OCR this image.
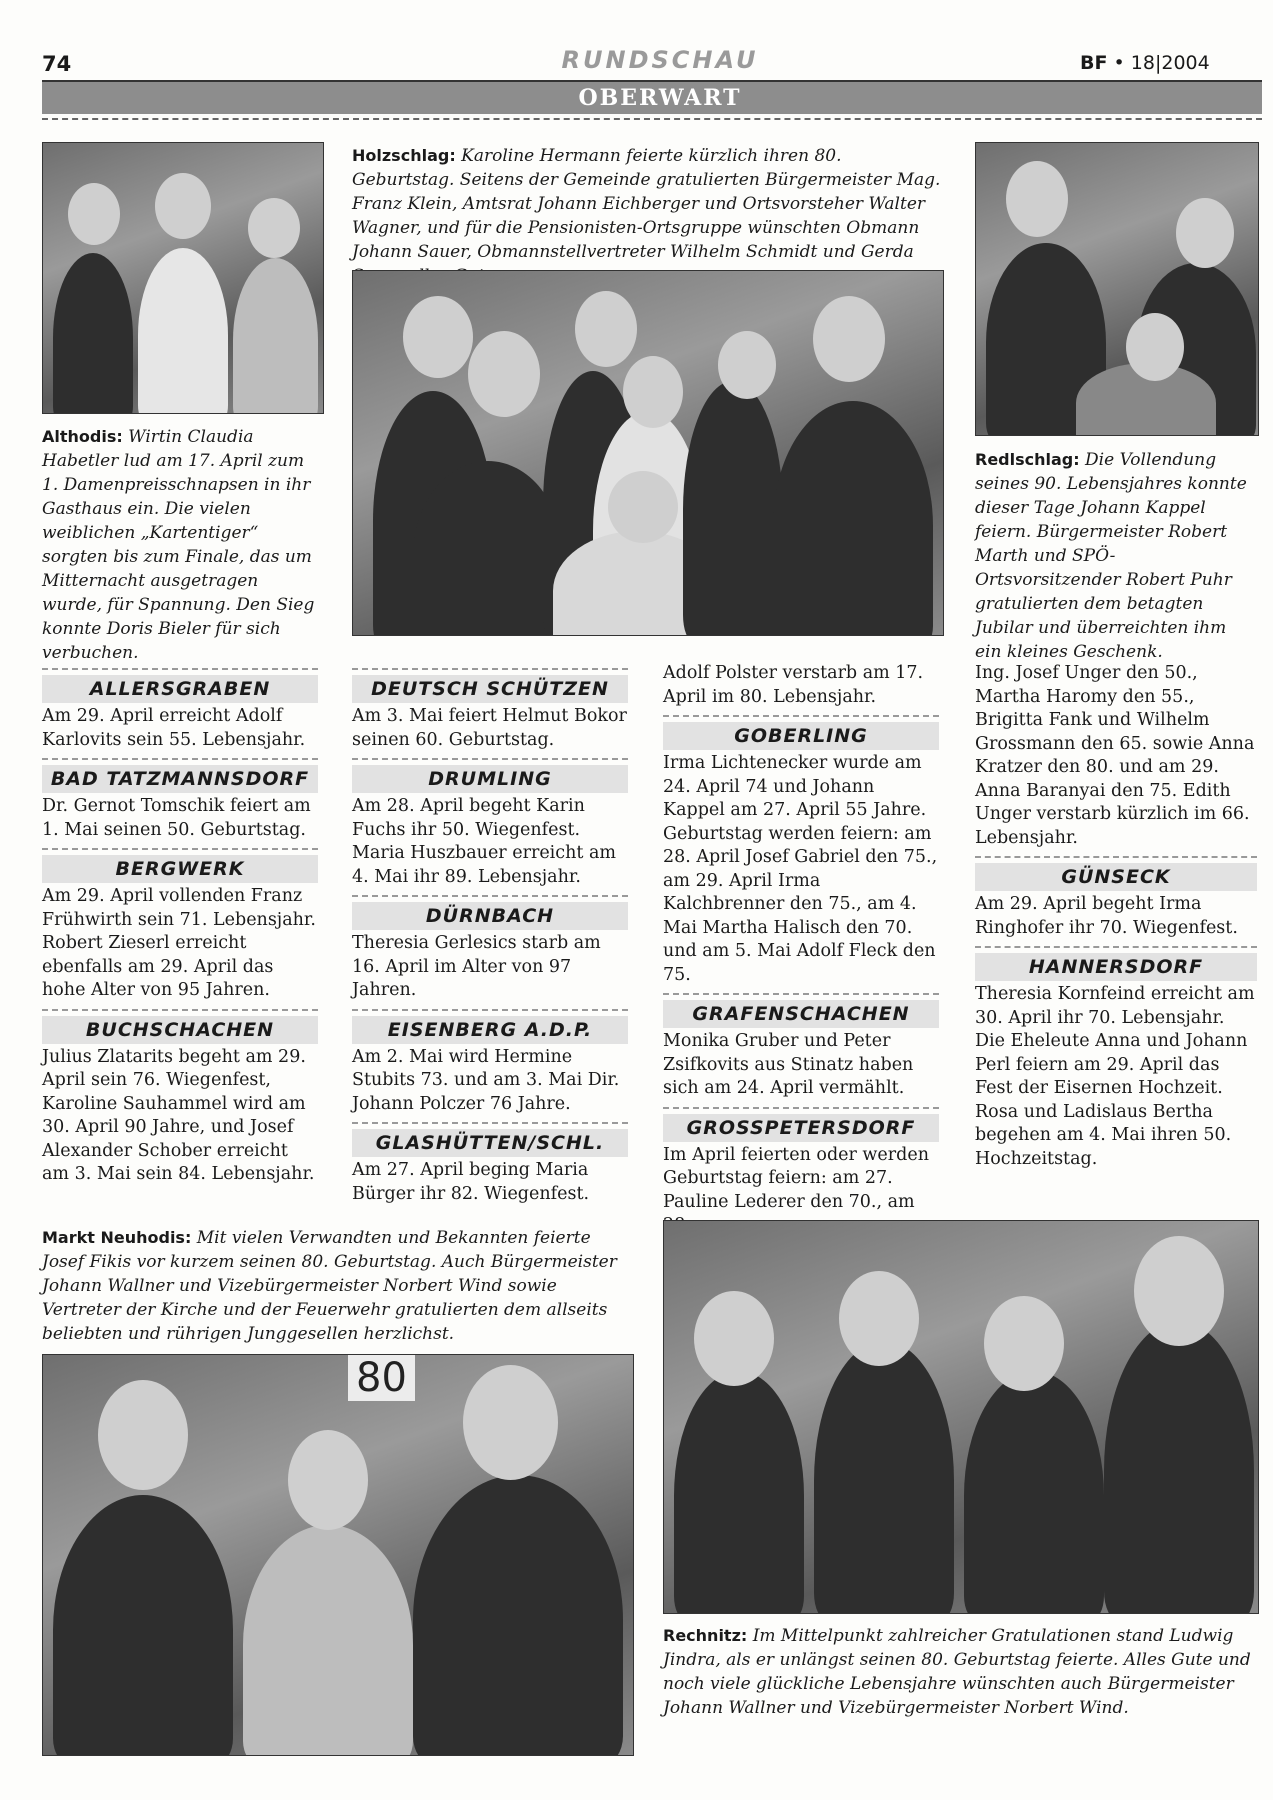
74	RUNDSCHAU	BF • 18|2004
OBERWART
Althodis: Wirtin Claudia Habetler lud am 17. April zum 1. Damenpreisschnapsen in ihr Gasthaus ein. Die vielen weiblichen „Kartentiger“ sorgten bis zum Finale, das um Mitternacht ausgetragen wurde, für Spannung. Den Sieg konnte Doris Bieler für sich verbuchen.
Holzschlag: Karoline Hermann feierte kürzlich ihren 80. Geburtstag. Seitens der Gemeinde gratulierten Bürgermeister Mag. Franz Klein, Amtsrat Johann Eichberger und Ortsvorsteher Walter Wagner, und für die Pensionisten-Ortsgruppe wünschten Obmann Johann Sauer, Obmannstellvertreter Wilhelm Schmidt und Gerda
Redlschlag: Die Vollendung seines 90. Lebensjahres konnte dieser Tage Johann Kappel feiern. Bürgermeister Robert Marth und SPÖ-Ortsvorsitzender Robert Puhr gratulierten dem betagten Jubilar und überreichten ihm ein kleines Geschenk.
ALLERSGRABEN

Am 29. April erreicht Adolf Karlovits sein 55. Lebensjahr.

BAD TATZMANNSDORF

Dr. Gernot Tomschik feiert am 1. Mai seinen 50. Geburtstag.

BERGWERK

Am 29. April vollenden Franz Frühwirth sein 71. Lebensjahr. Robert Zieserl erreicht ebenfalls am 29. April das hohe Alter von 95 Jahren.

BUCHSCHACHEN

Julius Zlatarits begeht am 29. April sein 76. Wiegenfest, Karoline Sauhammel wird am 30. April 90 Jahre, und Josef Alexander Schober erreicht am 3. Mai sein 84. Lebensjahr.

DEUTSCH SCHÜTZEN

Am 3. Mai feiert Helmut Bokor seinen 60. Geburtstag.

DRUMLING

Am 28. April begeht Karin Fuchs ihr 50. Wiegenfest. Maria Huszbauer erreicht am 4. Mai ihr 89. Lebensjahr.

DÜRNBACH

Theresia Gerlesics starb am 16. April im Alter von 97 Jahren.

EISENBERG A.D.P.

Am 2. Mai wird Hermine Stubits 73. und am 3. Mai Dir. Johann Polczer 76 Jahre.

GLASHÜTTEN/SCHL.

Am 27. April beging Maria Bürger ihr 82. Wiegenfest.

Adolf Polster verstarb am 17. April im 80. Lebensjahr.

GOBERLING

Irma Lichtenecker wurde am 24. April 74 und Johann Kappel am 27. April 55 Jahre. Geburtstag werden feiern: am 28. April Josef Gabriel den 75., am 29. April Irma Kalchbrenner den 75., am 4. Mai Martha Halisch den 70. und am 5. Mai Adolf Fleck den 75.

GRAFENSCHACHEN

Monika Gruber und Peter Zsifkovits aus Stinatz haben sich am 24. April vermählt.

GROSSPETERSDORF

Im April feierten oder werden Geburtstag feiern: am 27. Pauline Lederer den 70., am

Ing. Josef Unger den 50., Martha Haromy den 55., Brigitta Fank und Wilhelm Grossmann den 65. sowie Anna Kratzer den 80. und am 29. Anna Baranyai den 75. Edith Unger verstarb kürzlich im 66. Lebensjahr.

GÜNSECK

Am 29. April begeht Irma Ringhofer ihr 70. Wiegenfest.

HANNERSDORF

Theresia Kornfeind erreicht am 30. April ihr 70. Lebensjahr. Die Eheleute Anna und Johann Perl feiern am 29. April das Fest der Eisernen Hochzeit. Rosa und Ladislaus Bertha begehen am 4. Mai ihren 50. Hochzeitstag.

Markt Neuhodis: Mit vielen Verwandten und Bekannten feierte Josef Fikis vor kurzem seinen 80. Geburtstag. Auch Bürgermeister Johann Wallner und Vizebürgermeister Norbert Wind sowie Vertreter der Kirche und der Feuerwehr gratulierten dem allseits beliebten und rührigen Junggesellen herzlichst.
80
Rechnitz: Im Mittelpunkt zahlreicher Gratulationen stand Ludwig Jindra, als er unlängst seinen 80. Geburtstag feierte. Alles Gute und noch viele glückliche Lebensjahre wünschten auch Bürgermeister Johann Wallner und Vizebürgermeister Norbert Wind.
